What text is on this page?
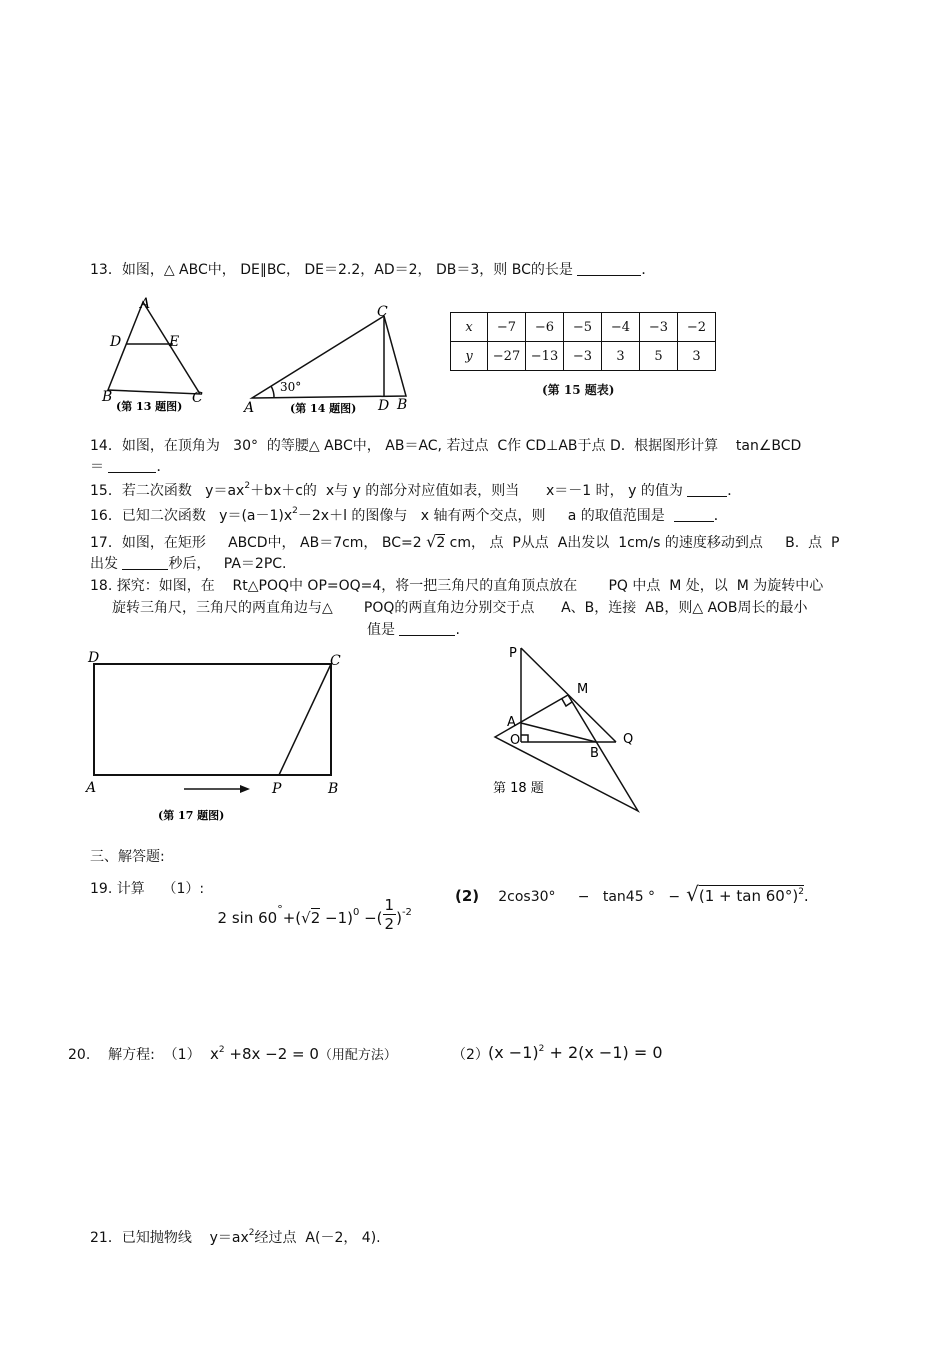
13．如图，△ ABC中， DE∥BC， DE＝2.2，AD＝2， DB＝3，则 BC的长是	．
A
D	E
B	C
(第 13 题图)
30°
A
C
D B
(第 14 题图)
x	−7	−6	−5	−4	−3	−2
y	−27	−13	−3	3	5	3
(第 15 题表)
14．如图，在顶角为   30°  的等腰△ ABC中， AB＝AC, 若过点  C作 CD⊥AB于点 D.  根据图形计算    tan∠BCD
＝	．
15．若二次函数   $y=ax^2+bx+c$的  x与 y 的部分对应值如表，则当      x＝－1 时， y 的值为	．
16．已知二次函数   $y=(a-1)x^2-2x+l$ 的图像与   x 轴有两个交点，则     a 的取值范围是	．
17．如图，在矩形     ABCD中， AB＝7cm， BC=2 √2 cm， 点  P从点  A出发以  1cm/s 的速度移动到点     B.  点  P
出发	秒后，   PA＝2PC.
18. 探究：如图，在    Rt△POQ中 OP=OQ=4，将一把三角尺的直角顶点放在       PQ 中点  M 处，以  M 为旋转中心
旋转三角尺，三角尺的两直角边与△       POQ的两直角边分别交于点      A、B，连接  AB，则△ AOB周长的最小
值是	.
D	C
A	P	B
(第 17 题图)
P
M
A
O	Q
B
第 18 题
三、解答题:
19. 计算    （1）:

2 sin 60°+(√2 −1)0 −( $\frac{1}{2} )-2$

(2) 2cos30°     −   tan45 °   − $√(1 + \tan 60^\circ)^2$.
20.    解方程:  （1） $x^2 +8x -2 = 0$（用配方法）	（2） $(x -1)^2 + 2(x -1) = 0$
21．已知抛物线    $y=ax^2$经过点  A(－2， 4).
